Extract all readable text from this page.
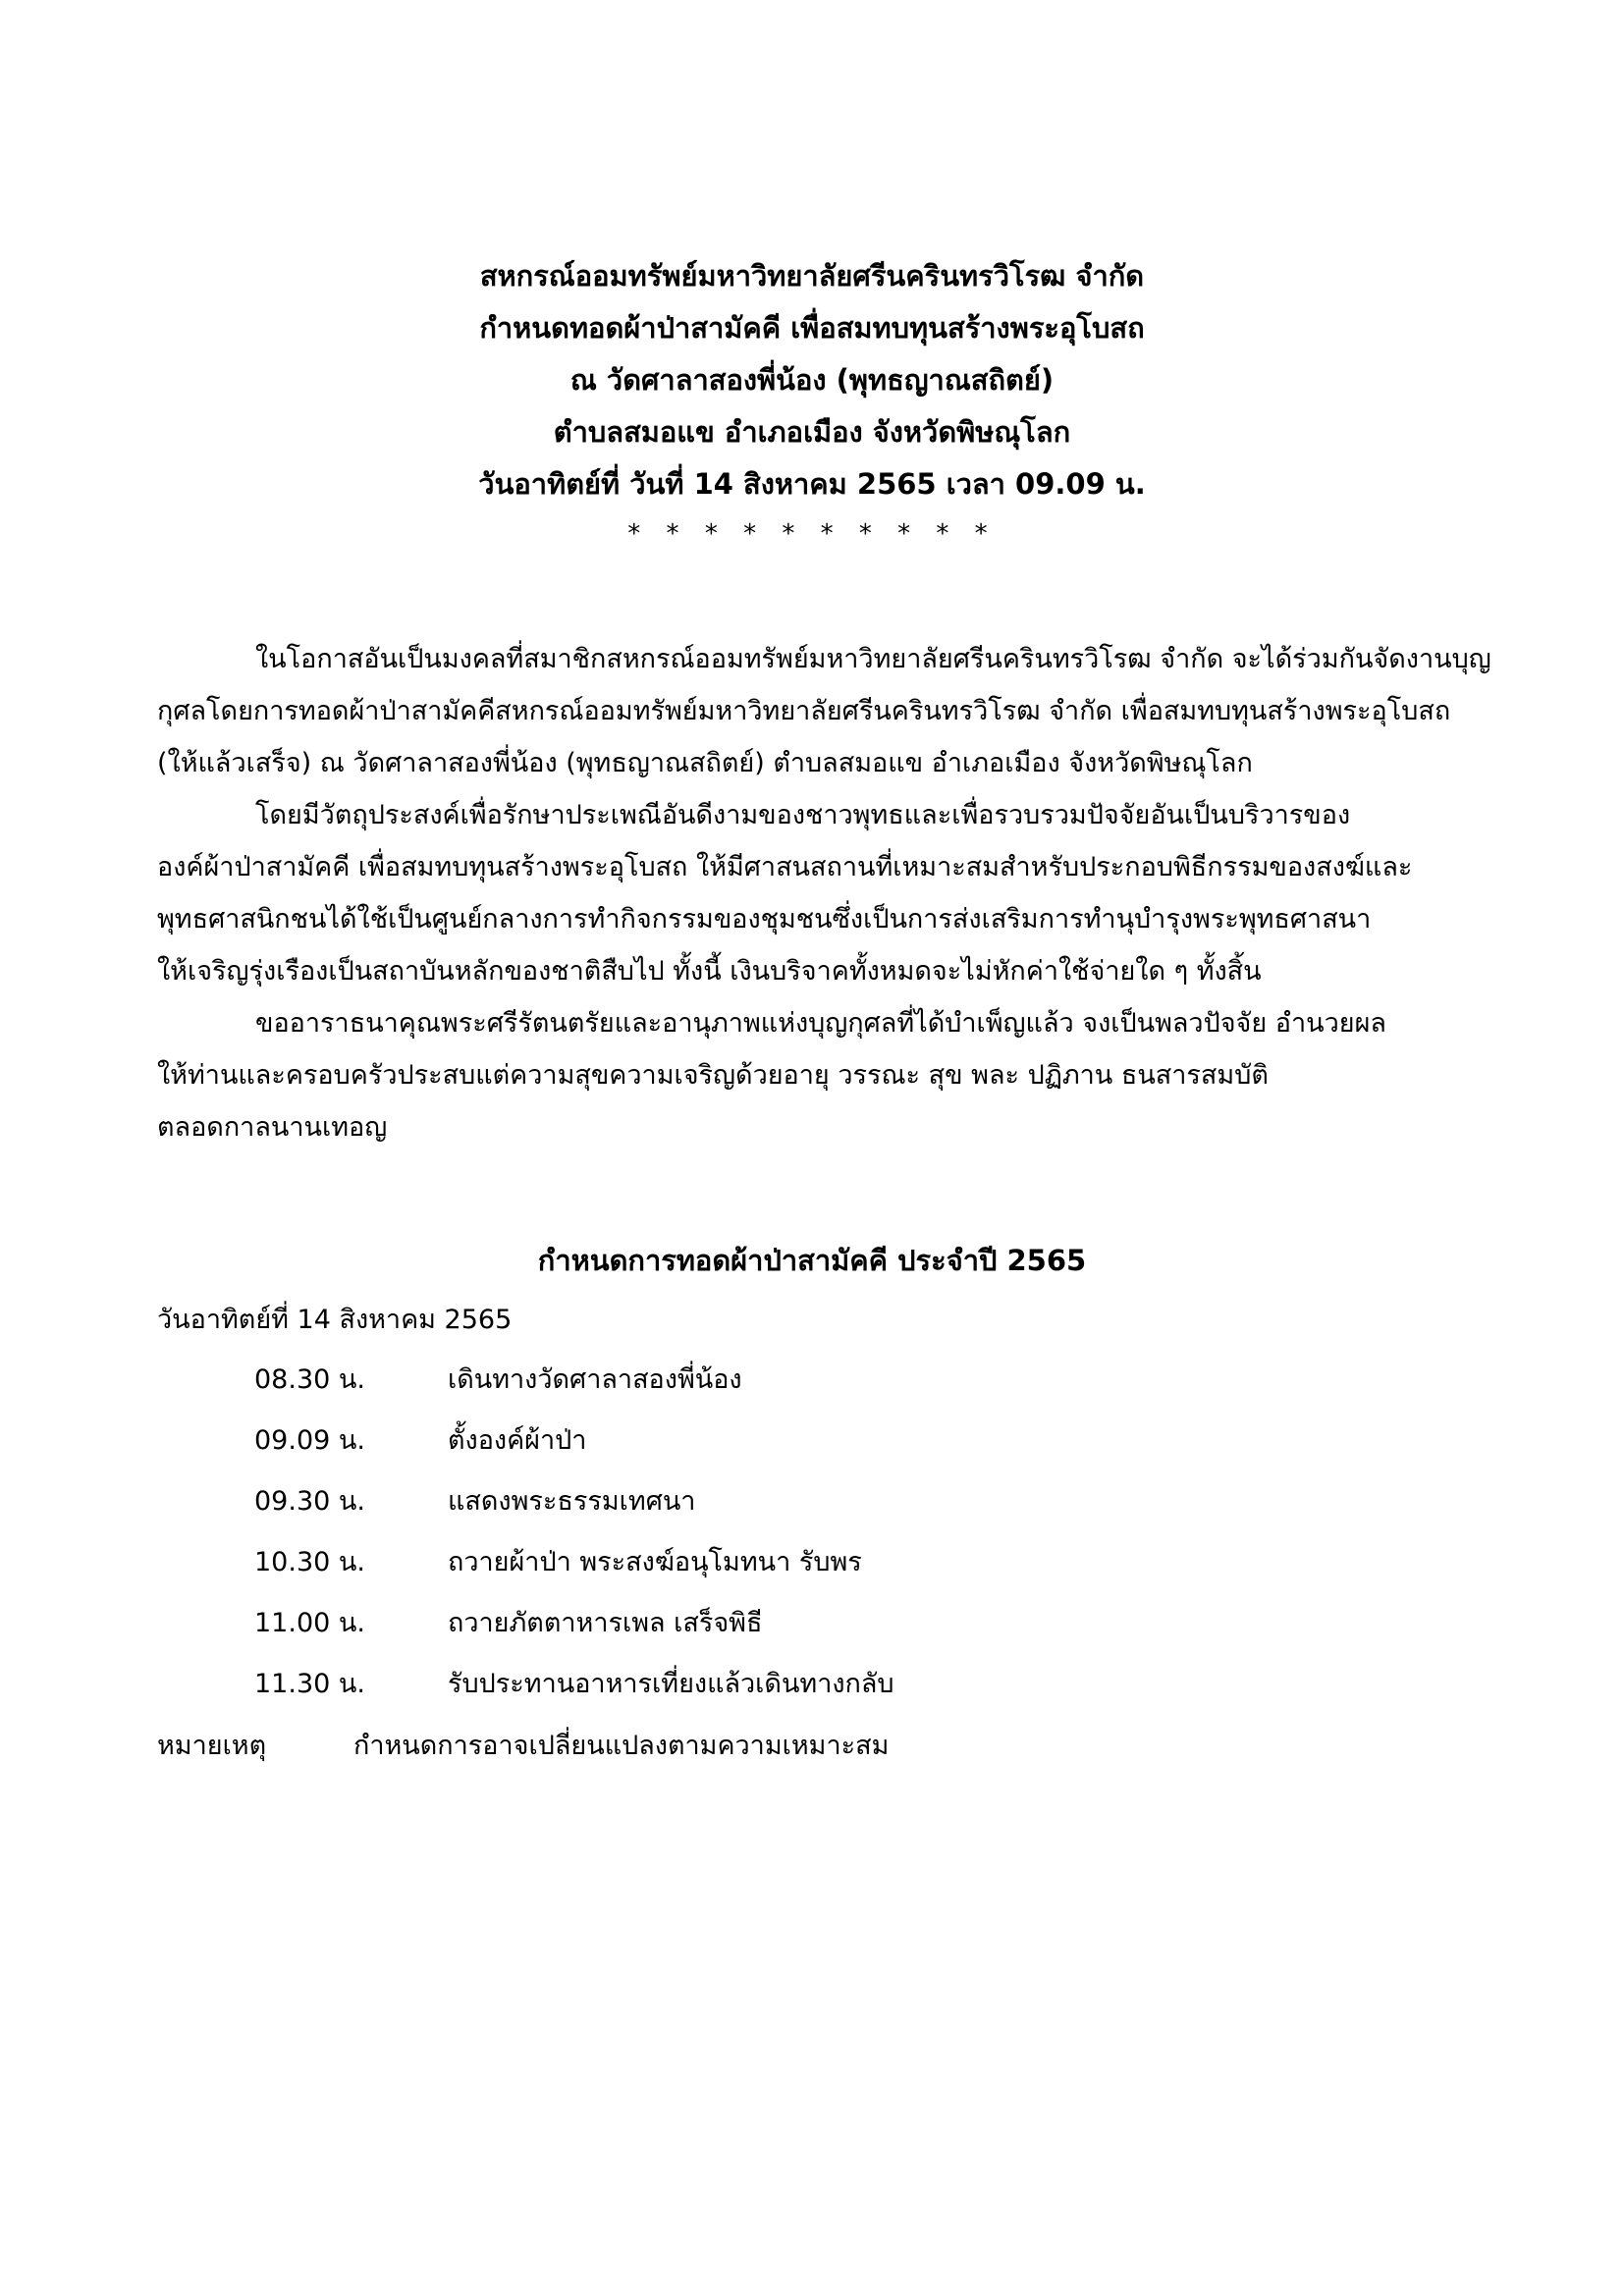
สหกรณ์ออมทรัพย์มหาวิทยาลัยศรีนครินทรวิโรฒ จำกัด
กำหนดทอดผ้าป่าสามัคคี เพื่อสมทบทุนสร้างพระอุโบสถ
ณ วัดศาลาสองพี่น้อง (พุทธญาณสถิตย์)
ตำบลสมอแข อำเภอเมือง จังหวัดพิษณุโลก
วันอาทิตย์ที่ วันที่ 14 สิงหาคม 2565 เวลา 09.09 น.
* * * * * * * * * *
ในโอกาสอันเป็นมงคลที่สมาชิกสหกรณ์ออมทรัพย์มหาวิทยาลัยศรีนครินทรวิโรฒ จำกัด จะได้ร่วมกันจัดงานบุญ
กุศลโดยการทอดผ้าป่าสามัคคีสหกรณ์ออมทรัพย์มหาวิทยาลัยศรีนครินทรวิโรฒ จำกัด เพื่อสมทบทุนสร้างพระอุโบสถ
(ให้แล้วเสร็จ) ณ วัดศาลาสองพี่น้อง (พุทธญาณสถิตย์) ตำบลสมอแข อำเภอเมือง จังหวัดพิษณุโลก
โดยมีวัตถุประสงค์เพื่อรักษาประเพณีอันดีงามของชาวพุทธและเพื่อรวบรวมปัจจัยอันเป็นบริวารของ
องค์ผ้าป่าสามัคคี เพื่อสมทบทุนสร้างพระอุโบสถ ให้มีศาสนสถานที่เหมาะสมสำหรับประกอบพิธีกรรมของสงฆ์และ
พุทธศาสนิกชนได้ใช้เป็นศูนย์กลางการทำกิจกรรมของชุมชนซึ่งเป็นการส่งเสริมการทำนุบำรุงพระพุทธศาสนา
ให้เจริญรุ่งเรืองเป็นสถาบันหลักของชาติสืบไป ทั้งนี้ เงินบริจาคทั้งหมดจะไม่หักค่าใช้จ่ายใด ๆ ทั้งสิ้น
ขออาราธนาคุณพระศรีรัตนตรัยและอานุภาพแห่งบุญกุศลที่ได้บำเพ็ญแล้ว จงเป็นพลวปัจจัย อำนวยผล
ให้ท่านและครอบครัวประสบแต่ความสุขความเจริญด้วยอายุ วรรณะ สุข พละ ปฏิภาน ธนสารสมบัติ
ตลอดกาลนานเทอญ
กำหนดการทอดผ้าป่าสามัคคี ประจำปี 2565
วันอาทิตย์ที่ 14 สิงหาคม 2565
08.30 น.	เดินทางวัดศาลาสองพี่น้อง
09.09 น.	ตั้งองค์ผ้าป่า
09.30 น.	แสดงพระธรรมเทศนา
10.30 น.	ถวายผ้าป่า พระสงฆ์อนุโมทนา รับพร
11.00 น.	ถวายภัตตาหารเพล เสร็จพิธี
11.30 น.	รับประทานอาหารเที่ยงแล้วเดินทางกลับ
หมายเหตุ	กำหนดการอาจเปลี่ยนแปลงตามความเหมาะสม
